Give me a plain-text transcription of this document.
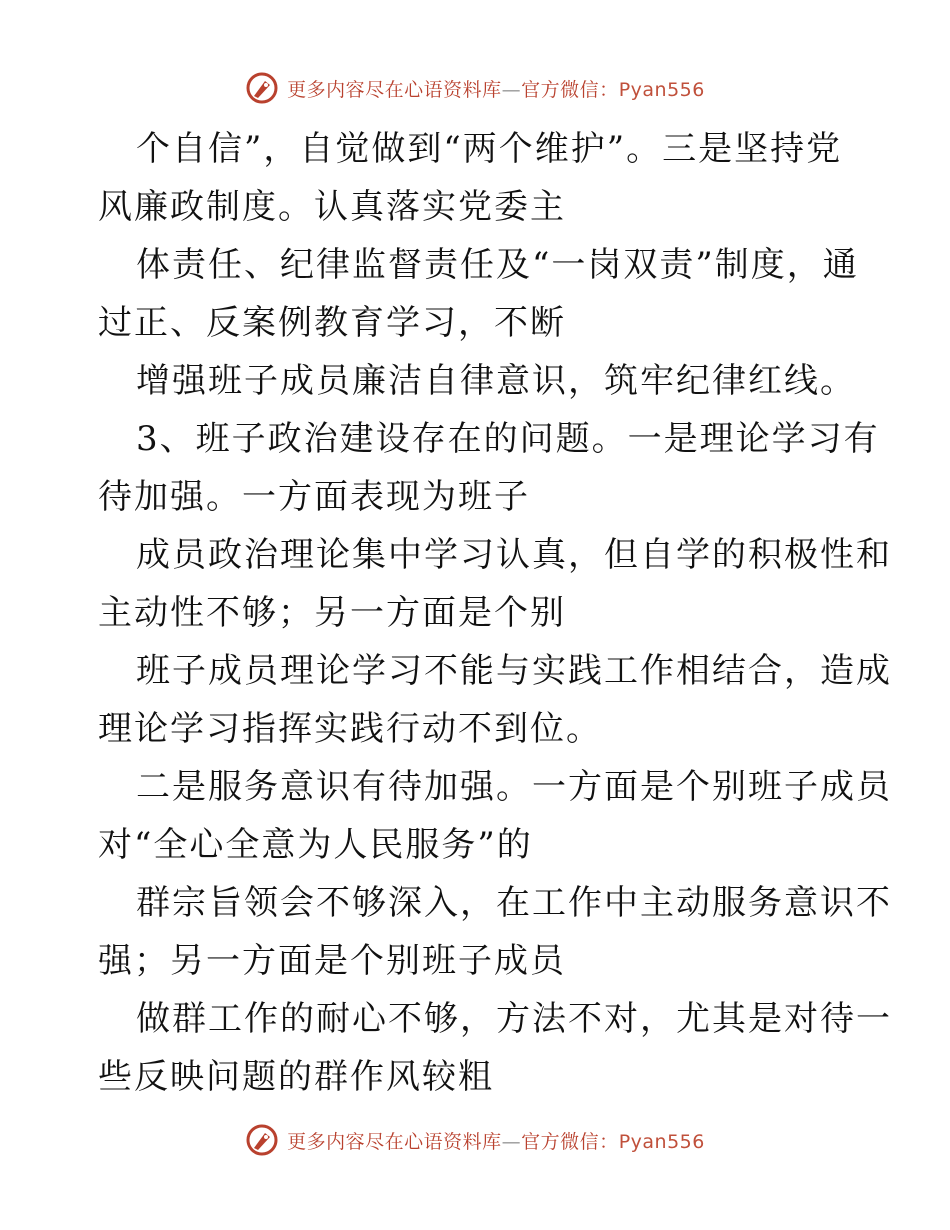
更多内容尽在心语资料库—官方微信：Pyan556

个自信”，自觉做到“两个维护”。三是坚持党

风廉政制度。认真落实党委主

体责任、纪律监督责任及“一岗双责”制度，通

过正、反案例教育学习，不断

增强班子成员廉洁自律意识，筑牢纪律红线。

3、班子政治建设存在的问题。一是理论学习有

待加强。一方面表现为班子

成员政治理论集中学习认真，但自学的积极性和

主动性不够；另一方面是个别

班子成员理论学习不能与实践工作相结合，造成

理论学习指挥实践行动不到位。

二是服务意识有待加强。一方面是个别班子成员

对“全心全意为人民服务”的

群宗旨领会不够深入，在工作中主动服务意识不

强；另一方面是个别班子成员

做群工作的耐心不够，方法不对，尤其是对待一

些反映问题的群作风较粗

更多内容尽在心语资料库—官方微信：Pyan556
